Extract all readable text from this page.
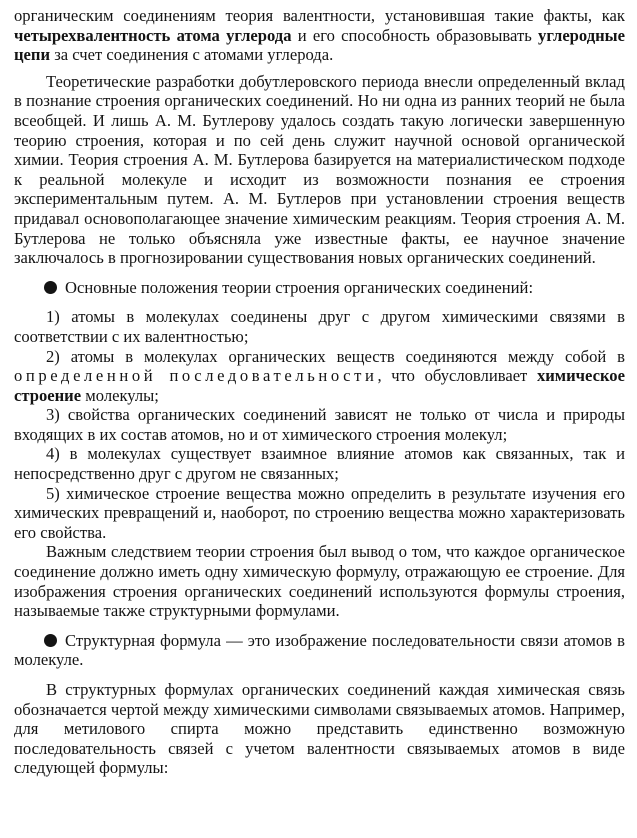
органическим соединениям теория валентности, установившая такие факты, как четырехвалентность атома углерода и его способность образовывать углеродные цепи за счет соединения с атомами углерода.

Теоретические разработки добутлеровского периода внесли определенный вклад в познание строения органических соединений. Но ни одна из ранних теорий не была всеобщей. И лишь А. М. Бутлерову удалось создать такую логически завершенную теорию строения, которая и по сей день служит научной основой органической химии. Теория строения А. М. Бутлерова базируется на материалистическом подходе к реальной молекуле и исходит из возможности познания ее строения экспериментальным путем. А. М. Бутлеров при установлении строения веществ придавал основополагающее значение химическим реакциям. Теория строения А. М. Бутлерова не только объясняла уже известные факты, ее научное значение заключалось в прогнозировании существования новых органических соединений.

Основные положения теории строения органических соединений:

1) атомы в молекулах соединены друг с другом химическими связями в соответствии с их валентностью;

2) атомы в молекулах органических веществ соединяются между собой в определенной последовательности, что обусловливает химическое строение молекулы;

3) свойства органических соединений зависят не только от числа и природы входящих в их состав атомов, но и от химического строения молекул;

4) в молекулах существует взаимное влияние атомов как связанных, так и непосредственно друг с другом не связанных;

5) химическое строение вещества можно определить в результате изучения его химических превращений и, наоборот, по строению вещества можно характеризовать его свойства.

Важным следствием теории строения был вывод о том, что каждое органическое соединение должно иметь одну химическую формулу, отражающую ее строение. Для изображения строения органических соединений используются формулы строения, называемые также структурными формулами.

Структурная формула — это изображение последовательности связи атомов в молекуле.

В структурных формулах органических соединений каждая химическая связь обозначается чертой между химическими символами связываемых атомов. Например, для метилового спирта можно представить единственно возможную последовательность связей с учетом валентности связываемых атомов в виде следующей формулы:
